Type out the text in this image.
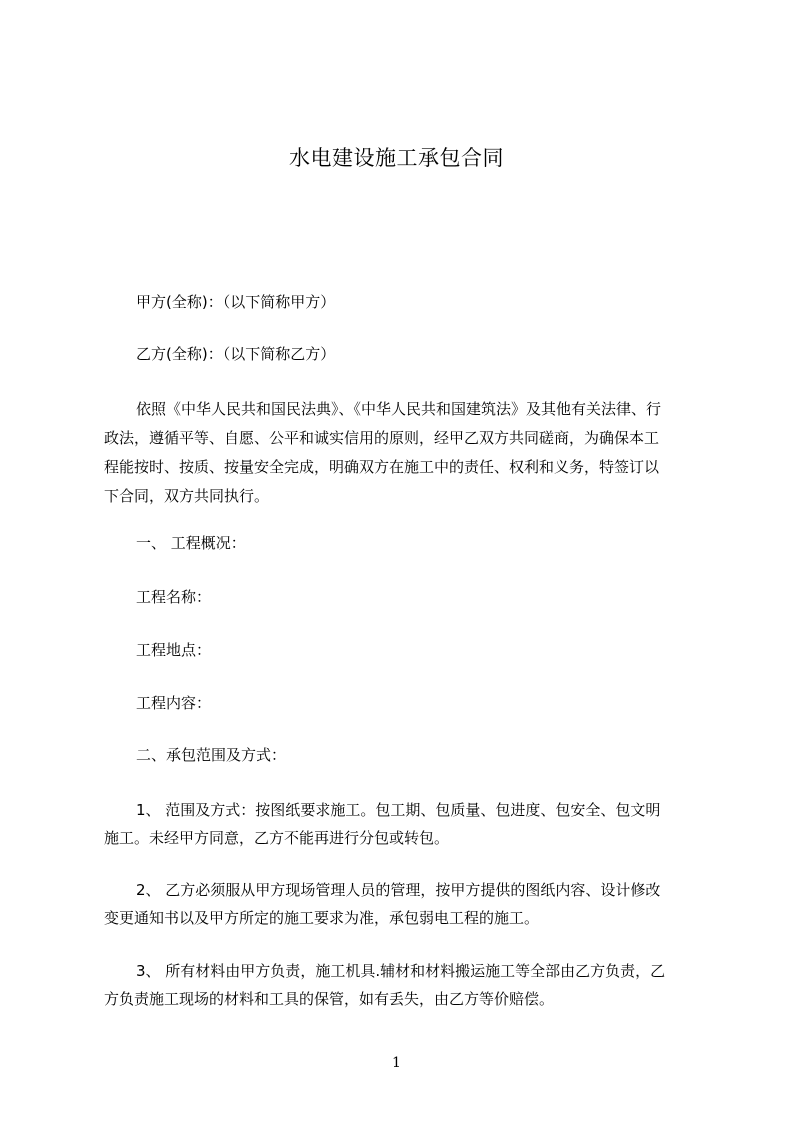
水电建设施工承包合同
甲方(全称)：（以下简称甲方）
乙方(全称)：（以下简称乙方）
依照《中华人民共和国民法典》、《中华人民共和国建筑法》及其他有关法律、行
政法，遵循平等、自愿、公平和诚实信用的原则，经甲乙双方共同磋商，为确保本工
程能按时、按质、按量安全完成，明确双方在施工中的责任、权利和义务，特签订以
下合同，双方共同执行。
一、 工程概况：
工程名称：
工程地点：
工程内容：
二、承包范围及方式：
1、 范围及方式：按图纸要求施工。包工期、包质量、包进度、包安全、包文明
施工。未经甲方同意，乙方不能再进行分包或转包。
2、 乙方必须服从甲方现场管理人员的管理，按甲方提供的图纸内容、设计修改
变更通知书以及甲方所定的施工要求为准，承包弱电工程的施工。
3、 所有材料由甲方负责，施工机具.辅材和材料搬运施工等全部由乙方负责，乙
方负责施工现场的材料和工具的保管，如有丢失，由乙方等价赔偿。
1
